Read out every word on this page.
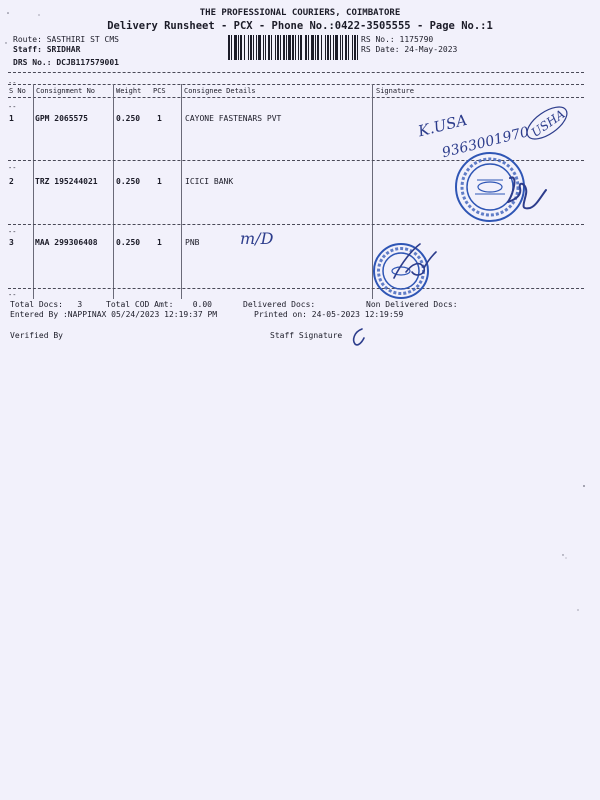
THE PROFESSIONAL COURIERS, COIMBATORE
Delivery Runsheet - PCX - Phone No.:0422-3505555 - Page No.:1
Route: SASTHIRI ST CMS
Staff: SRIDHAR
DRS No.: DCJB117579001
RS No.: 1175790
RS Date: 24-May-2023
--
S No Consignment No	Weight PCS	Consignee Details	Signature
--
1	GPM 2065575	0.250 1	CAYONE FASTENARS PVT
--
2	TRZ 195244021 0.250 1	ICICI BANK
--
3	MAA 299306408 0.250 1	PNB
--
Total Docs:   3	Total COD Amt:    0.00	Delivered Docs:	Non Delivered Docs:
Entered By :NAPPINAX 05/24/2023 12:19:37 PM	Printed on: 24-05-2023 12:19:59
Verified By	Staff Signature
K.USA
9363001970
USHA
m/D
